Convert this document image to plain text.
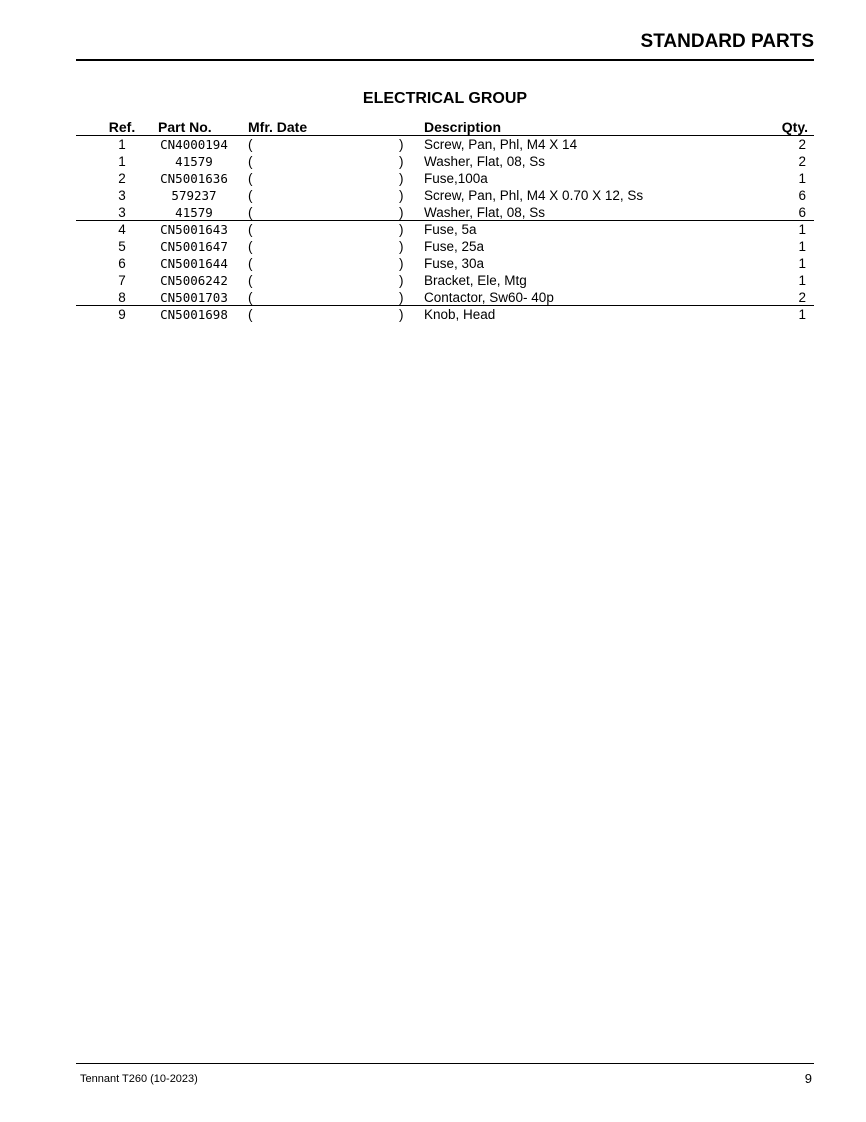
STANDARD PARTS
ELECTRICAL GROUP
Ref.	Part No.	Mfr. Date	Description	Qty.
1	CN4000194	(	) Screw, Pan, Phl, M4 X 14	2
1	41579	(	) Washer, Flat, 08, Ss	2
2	CN5001636	(	) Fuse,100a	1
3	579237	(	) Screw, Pan, Phl, M4 X 0.70 X 12, Ss	6
3	41579	(	) Washer, Flat, 08, Ss	6
4	CN5001643	(	) Fuse, 5a	1
5	CN5001647	(	) Fuse, 25a	1
6	CN5001644	(	) Fuse, 30a	1
7	CN5006242	(	) Bracket, Ele, Mtg	1
8	CN5001703	(	) Contactor, Sw60- 40p	2
9	CN5001698	(	) Knob, Head	1
Tennant T260 (10-2023)	9
